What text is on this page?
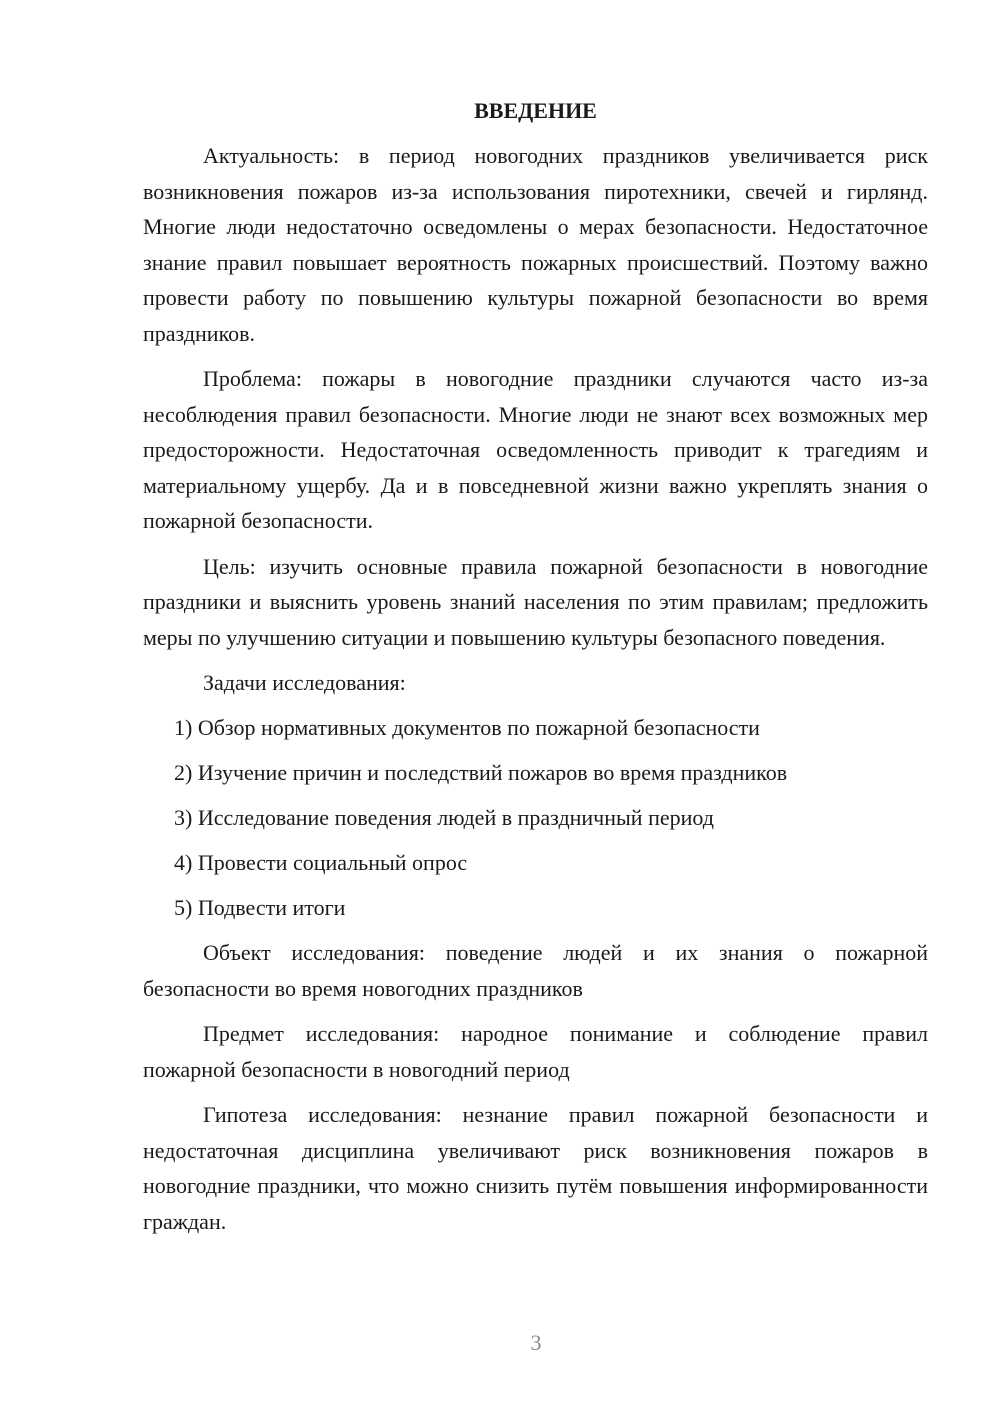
ВВЕДЕНИЕ

Актуальность: в период новогодних праздников увеличивается риск возникновения пожаров из-за использования пиротехники, свечей и гирлянд. Многие люди недостаточно осведомлены о мерах безопасности. Недостаточное знание правил повышает вероятность пожарных происшествий. Поэтому важно провести работу по повышению культуры пожарной безопасности во время праздников.

Проблема: пожары в новогодние праздники случаются часто из-за несоблюдения правил безопасности. Многие люди не знают всех возможных мер предосторожности. Недостаточная осведомленность приводит к трагедиям и материальному ущербу. Да и в повседневной жизни важно укреплять знания о пожарной безопасности.

Цель: изучить основные правила пожарной безопасности в новогодние праздники и выяснить уровень знаний населения по этим правилам; предложить меры по улучшению ситуации и повышению культуры безопасного поведения.

Задачи исследования:
1) Обзор нормативных документов по пожарной безопасности
2) Изучение причин и последствий пожаров во время праздников
3) Исследование поведения людей в праздничный период
4) Провести социальный опрос
5) Подвести итоги

Объект исследования: поведение людей и их знания о пожарной безопасности во время новогодних праздников

Предмет исследования: народное понимание и соблюдение правил пожарной безопасности в новогодний период

Гипотеза исследования: незнание правил пожарной безопасности и недостаточная дисциплина увеличивают риск возникновения пожаров в новогодние праздники, что можно снизить путём повышения информированности граждан.

3
